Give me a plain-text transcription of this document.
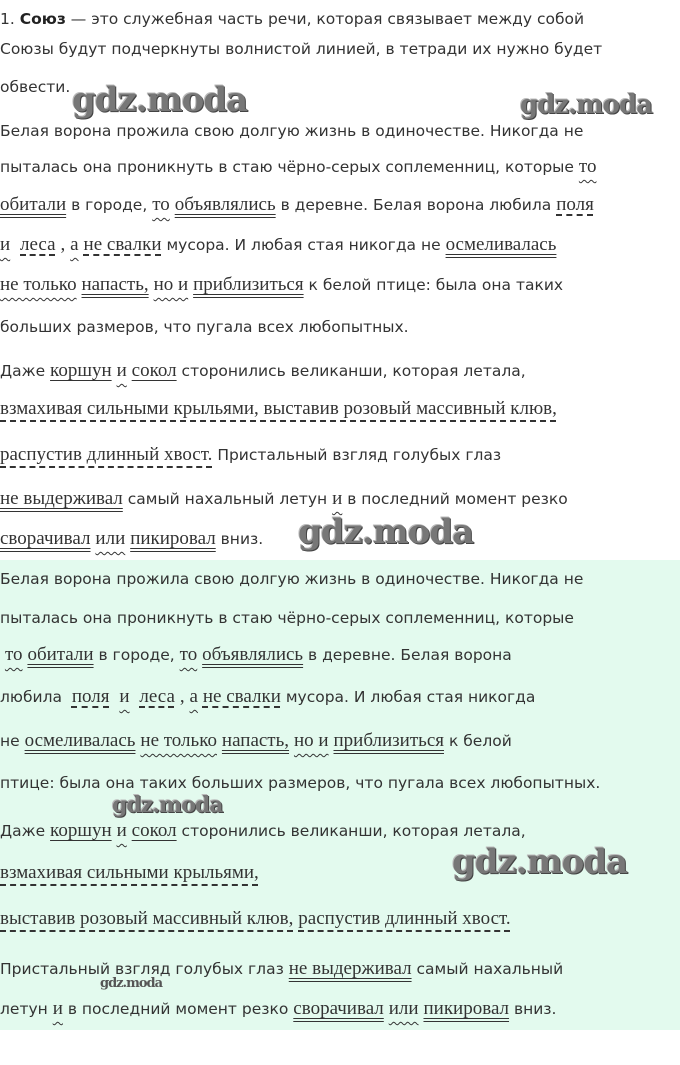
1. Союз — это служебная часть речи, которая связывает между собой
Союзы будут подчеркнуты волнистой линией, в тетради их нужно будет
обвести. gdz.moda	gdz.moda
Белая ворона прожила свою долгую жизнь в одиночестве. Никогда не
пыталась она проникнуть в стаю чёрно-серых соплеменниц, которые то
обитали в городе, то объявлялись в деревне. Белая ворона любила поля
и леса , а не свалки мусора. И любая стая никогда не осмеливалась
не только напасть, но и приблизиться к белой птице: была она таких
больших размеров, что пугала всех любопытных.
Даже коршун и сокол сторонились великанши, которая летала,
взмахивая сильными крыльями, выставив розовый массивный клюв,
распустив длинный хвост. Пристальный взгляд голубых глаз
не выдерживал самый нахальный летун и в последний момент резко
сворачивал или пикировал вниз. gdz.moda
Белая ворона прожила свою долгую жизнь в одиночестве. Никогда не
пыталась она проникнуть в стаю чёрно-серых соплеменниц, которые
то обитали в городе, то объявлялись в деревне. Белая ворона
любила поля и леса , а не свалки мусора. И любая стая никогда
не осмеливалась не только напасть, но и приблизиться к белой
птице: была она таких больших размеров, что пугала всех любопытных.
gdz.moda
Даже коршун и сокол сторонились великанши, которая летала,
взмахивая сильными крыльями,	gdz.moda
выставив розовый массивный клюв, распустив длинный хвост.
Пристальный взгляд голубых глаз не выдерживал самый нахальный
gdz.moda
летун и в последний момент резко сворачивал или пикировал вниз.
